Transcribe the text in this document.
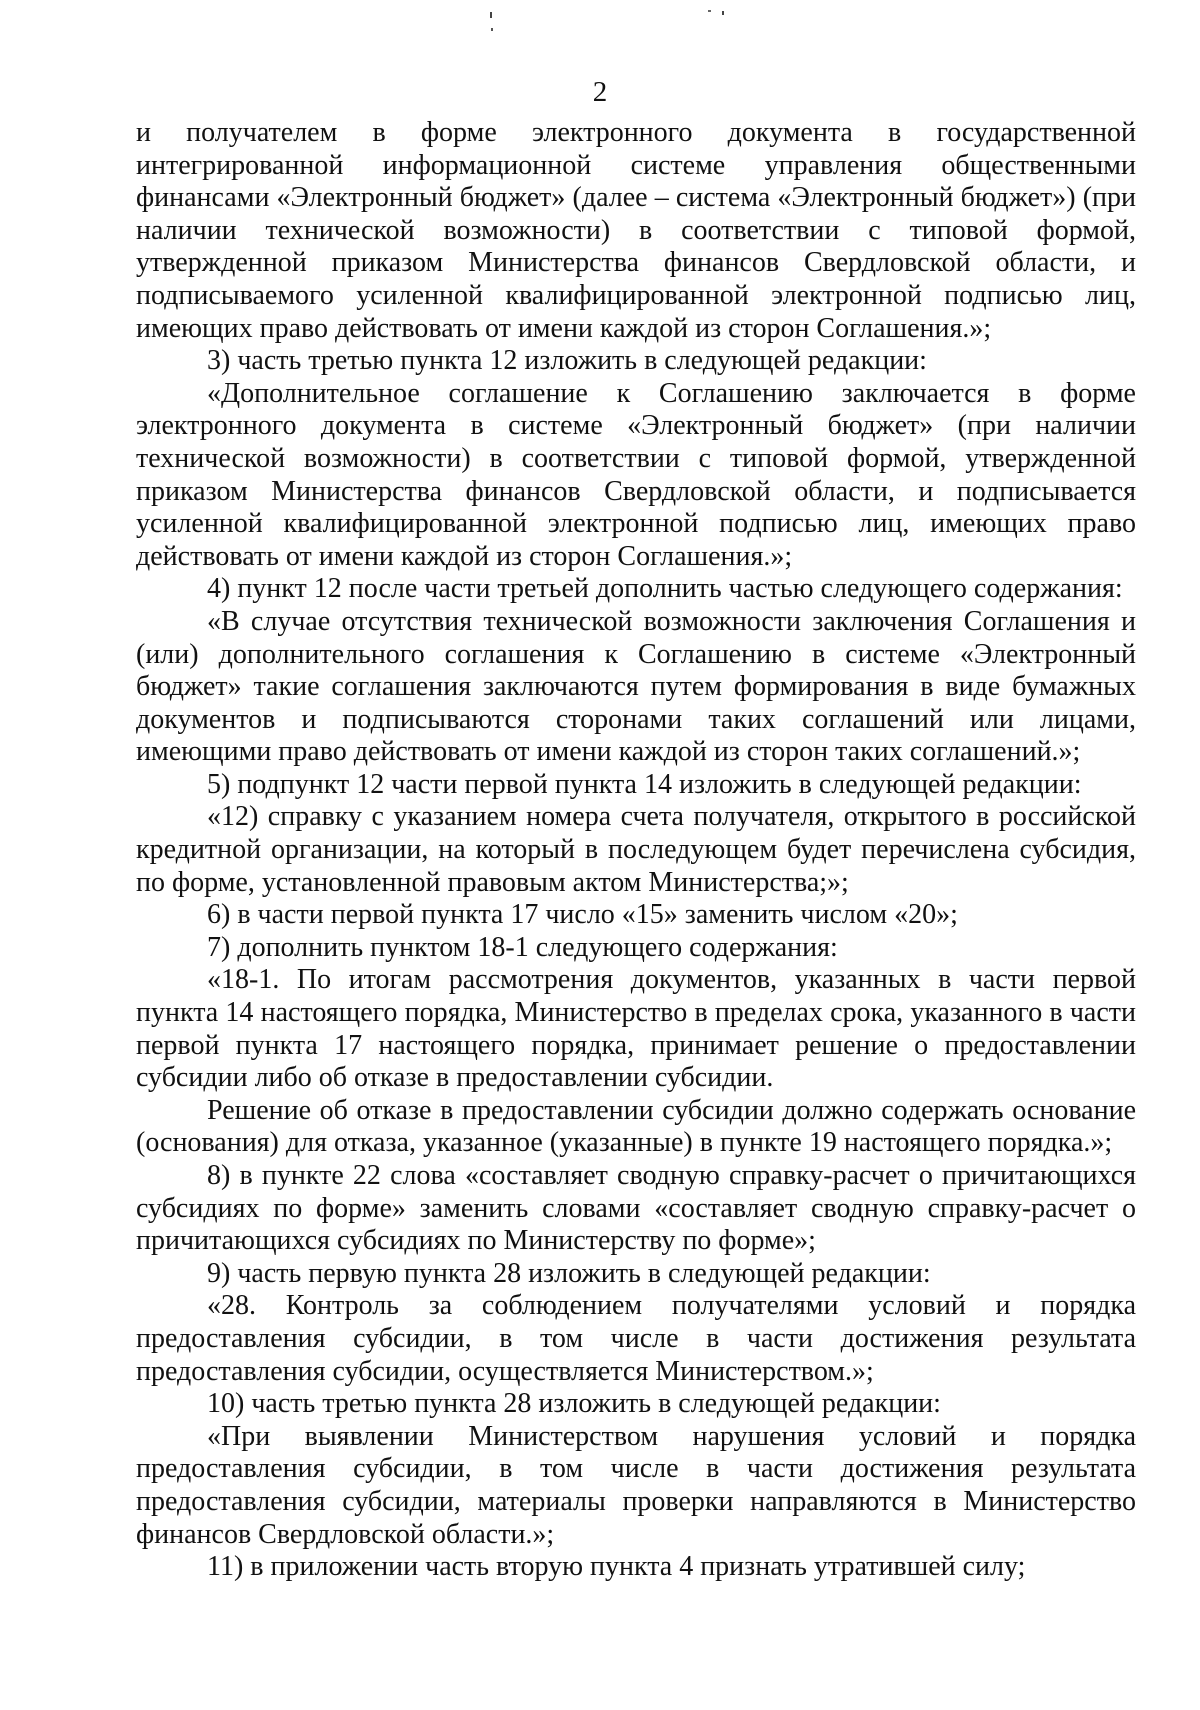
2

и получателем в форме электронного документа в государственной интегрированной информационной системе управления общественными финансами «Электронный бюджет» (далее – система «Электронный бюджет») (при наличии технической возможности) в соответствии с типовой формой, утвержденной приказом Министерства финансов Свердловской области, и подписываемого усиленной квалифицированной электронной подписью лиц, имеющих право действовать от имени каждой из сторон Соглашения.»;

3) часть третью пункта 12 изложить в следующей редакции:

«Дополнительное соглашение к Соглашению заключается в форме электронного документа в системе «Электронный бюджет» (при наличии технической возможности) в соответствии с типовой формой, утвержденной приказом Министерства финансов Свердловской области, и подписывается усиленной квалифицированной электронной подписью лиц, имеющих право действовать от имени каждой из сторон Соглашения.»;

4) пункт 12 после части третьей дополнить частью следующего содержания:

«В случае отсутствия технической возможности заключения Соглашения и (или) дополнительного соглашения к Соглашению в системе «Электронный бюджет» такие соглашения заключаются путем формирования в виде бумажных документов и подписываются сторонами таких соглашений или лицами, имеющими право действовать от имени каждой из сторон таких соглашений.»;

5) подпункт 12 части первой пункта 14 изложить в следующей редакции:

«12) справку с указанием номера счета получателя, открытого в российской кредитной организации, на который в последующем будет перечислена субсидия, по форме, установленной правовым актом Министерства;»;

6) в части первой пункта 17 число «15» заменить числом «20»;

7) дополнить пунктом 18-1 следующего содержания:

«18-1. По итогам рассмотрения документов, указанных в части первой пункта 14 настоящего порядка, Министерство в пределах срока, указанного в части первой пункта 17 настоящего порядка, принимает решение о предоставлении субсидии либо об отказе в предоставлении субсидии.

Решение об отказе в предоставлении субсидии должно содержать основание (основания) для отказа, указанное (указанные) в пункте 19 настоящего порядка.»;

8) в пункте 22 слова «составляет сводную справку-расчет о причитающихся субсидиях по форме» заменить словами «составляет сводную справку-расчет о причитающихся субсидиях по Министерству по форме»;

9) часть первую пункта 28 изложить в следующей редакции:

«28. Контроль за соблюдением получателями условий и порядка предоставления субсидии, в том числе в части достижения результата предоставления субсидии, осуществляется Министерством.»;

10) часть третью пункта 28 изложить в следующей редакции:

«При выявлении Министерством нарушения условий и порядка предоставления субсидии, в том числе в части достижения результата предоставления субсидии, материалы проверки направляются в Министерство финансов Свердловской области.»;

11) в приложении часть вторую пункта 4 признать утратившей силу;
